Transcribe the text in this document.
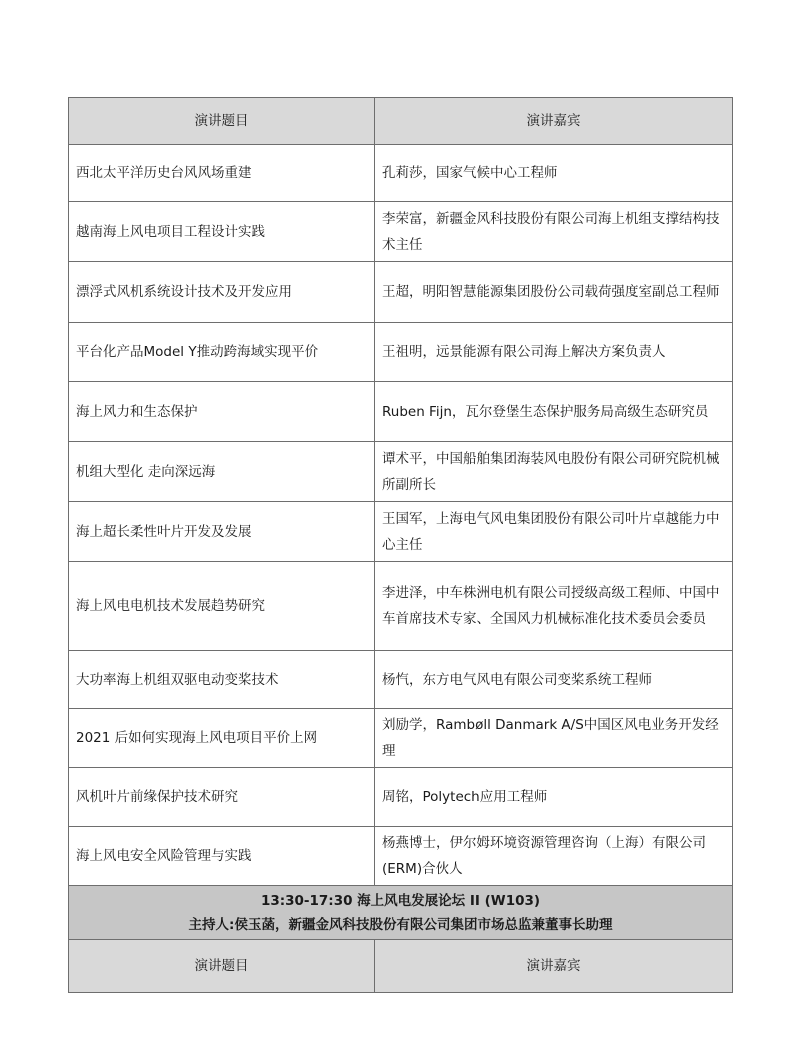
演讲题目	演讲嘉宾
西北太平洋历史台风风场重建	孔莉莎，国家气候中心工程师
越南海上风电项目工程设计实践	李荣富，新疆金风科技股份有限公司海上机组支撑结构技术主任
漂浮式风机系统设计技术及开发应用	王超，明阳智慧能源集团股份公司载荷强度室副总工程师
平台化产品Model Y推动跨海域实现平价	王祖明，远景能源有限公司海上解决方案负责人
海上风力和生态保护	Ruben Fijn，瓦尔登堡生态保护服务局高级生态研究员
机组大型化 走向深远海	谭术平，中国船舶集团海装风电股份有限公司研究院机械所副所长
海上超长柔性叶片开发及发展	王国军，上海电气风电集团股份有限公司叶片卓越能力中心主任
海上风电电机技术发展趋势研究	李进泽，中车株洲电机有限公司授级高级工程师、中国中车首席技术专家、全国风力机械标准化技术委员会委员
大功率海上机组双驱电动变桨技术	杨忾，东方电气风电有限公司变桨系统工程师
2021 后如何实现海上风电项目平价上网	刘励学，Rambøll Danmark A/S中国区风电业务开发经理
风机叶片前缘保护技术研究	周铭，Polytech应用工程师
海上风电安全风险管理与实践	杨燕博士，伊尔姆环境资源管理咨询（上海）有限公司(ERM)合伙人

13:30-17:30 海上风电发展论坛 II (W103)
主持人:侯玉菡，新疆金风科技股份有限公司集团市场总监兼董事长助理	

演讲题目	演讲嘉宾
